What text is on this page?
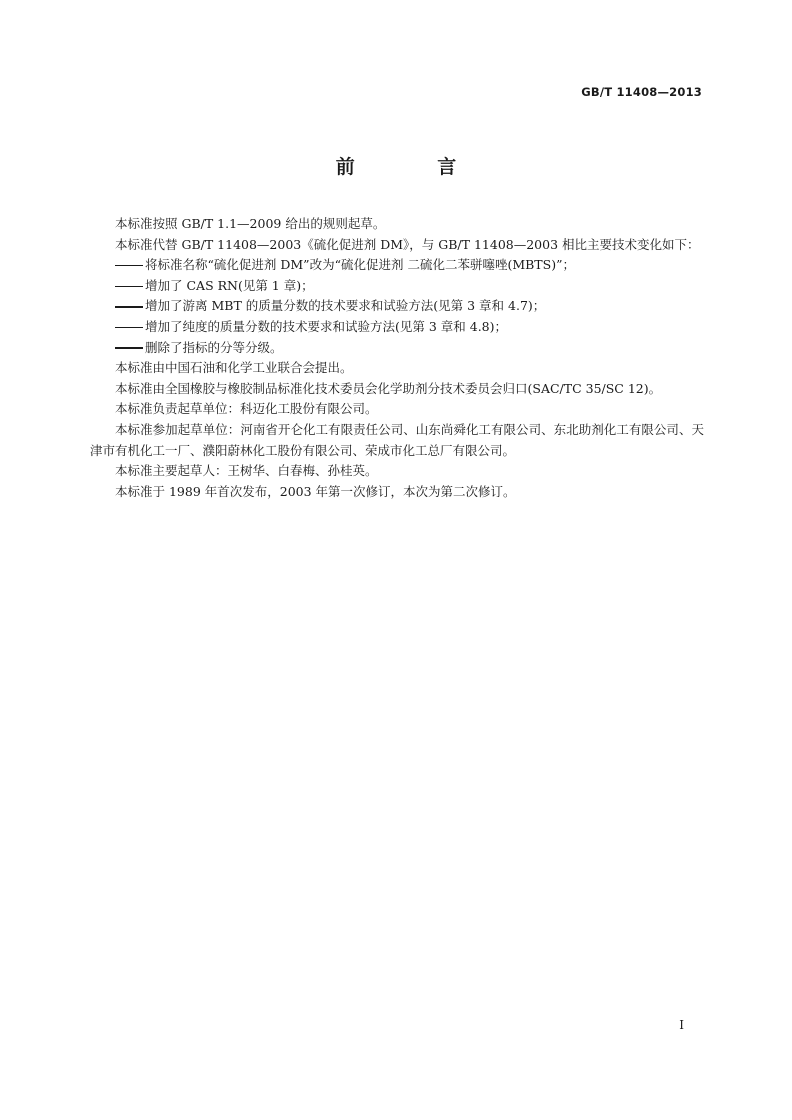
GB/T 11408—2013
前 言

本标准按照 GB/T 1.1—2009 给出的规则起草。

本标准代替 GB/T 11408—2003《硫化促进剂 DM》，与 GB/T 11408—2003 相比主要技术变化如下：

将标准名称“硫化促进剂 DM”改为“硫化促进剂 二硫化二苯骈噻唑(MBTS)”；

增加了 CAS RN(见第 1 章)；

增加了游离 MBT 的质量分数的技术要求和试验方法(见第 3 章和 4.7)；

增加了纯度的质量分数的技术要求和试验方法(见第 3 章和 4.8)；

删除了指标的分等分级。

本标准由中国石油和化学工业联合会提出。

本标准由全国橡胶与橡胶制品标准化技术委员会化学助剂分技术委员会归口(SAC/TC 35/SC 12)。

本标准负责起草单位：科迈化工股份有限公司。

本标准参加起草单位：河南省开仑化工有限责任公司、山东尚舜化工有限公司、东北助剂化工有限公司、天津市有机化工一厂、濮阳蔚林化工股份有限公司、荣成市化工总厂有限公司。

本标准主要起草人：王树华、白春梅、孙桂英。

本标准于 1989 年首次发布，2003 年第一次修订，本次为第二次修订。

I
